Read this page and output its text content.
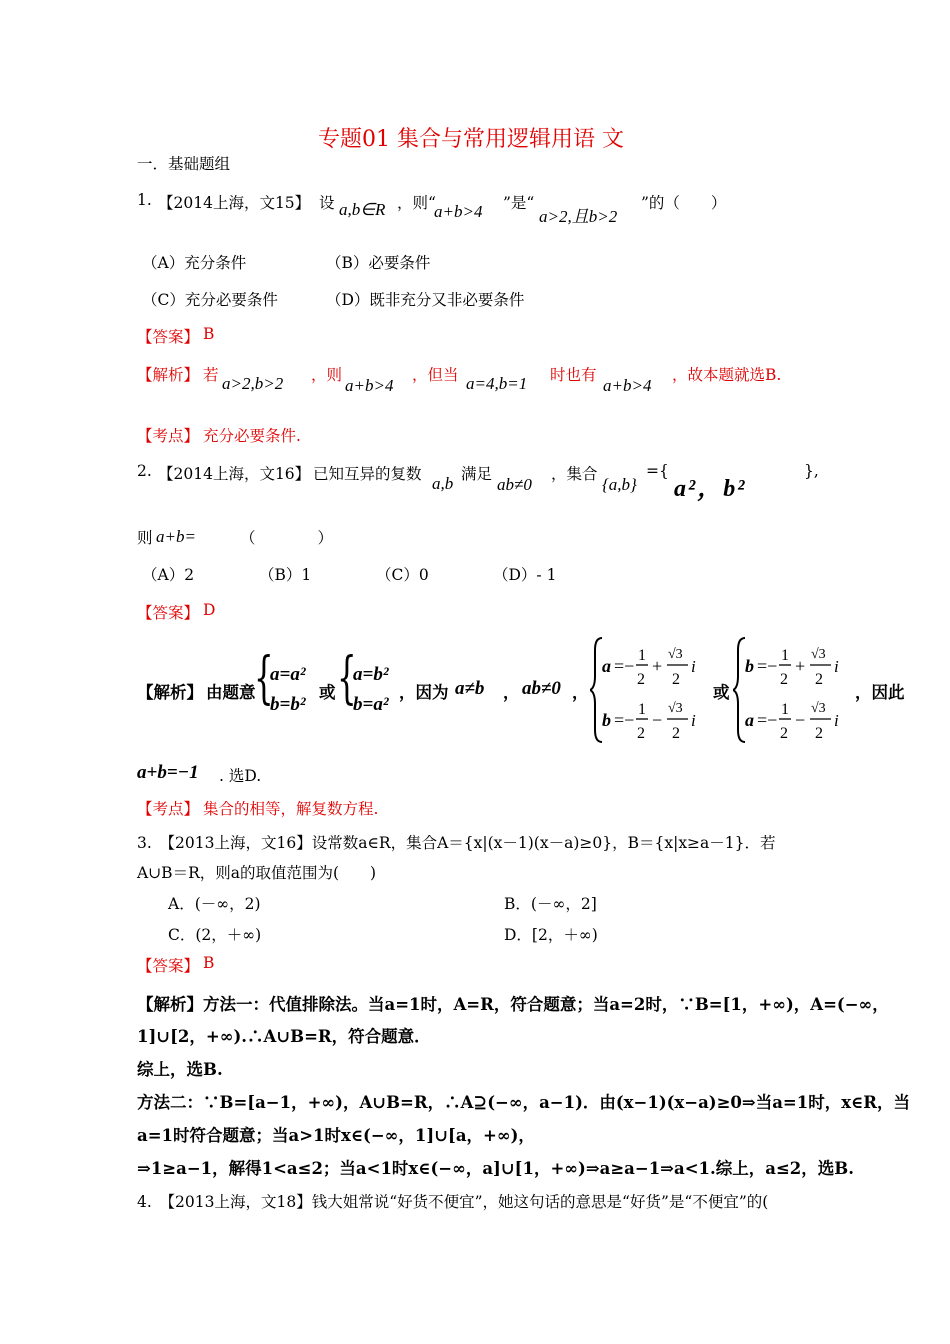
专题01 集合与常用逻辑用语 文
一．基础题组
1. 【2014上海，文15】 设 a,b∈R ，则“
a+b>4 ”是“
a>2,且b>2
”的（　　）
（A）充分条件	（B）必要条件
（C）充分必要条件	（D）既非充分又非必要条件
【答案】 B
【解析】 若 a>2,b>2 ，则
a+b>4
，但当 a=4,b=1 时也有
a+b>4
，故本题就选B.
【考点】 充分必要条件.
2. 【2014上海，文16】 已知互异的复数 a,b 满足
ab≠0
，集合
{a,b}
={
a²，b²
},
则 a+b=	（　　　　）
（A）2	（B）1	（C）0	（D）- 1
【答案】 D
【解析】 由题意
{
a=a²
b=b²
或 {
a=b²
b=a²
，因为 a≠b ， ab≠0 ，
a =−
1
2
+
√3
2
i
b =−
1
2
−
√3
2
i
或
b =−
1
2
+
√3
2
i
a =−
1
2
−
√3
2
i
，因此
a+b=−1 . 选D.
【考点】 集合的相等，解复数方程.
3.　【2013上海，文16】设常数a∈R，集合A＝{x|(x－1)(x－a)≥0}，B＝{x|x≥a－1}．若
A∪B＝R，则a的取值范围为(　　)
A．(－∞，2)	B．(－∞，2]
C．(2，＋∞)	D．[2，＋∞)
【答案】 B
【解析】方法一：代值排除法。当a=1时，A=R，符合题意；当a=2时，∵B=[1，+∞)，A=(−∞，
1]∪[2，+∞).∴A∪B=R，符合题意．
综上，选B.
方法二：∵B=[a−1，+∞)，A∪B=R，∴A⊇(−∞，a−1)．由(x−1)(x−a)≥0⇒当a=1时，x∈R，当
a=1时符合题意；当a>1时x∈(−∞，1]∪[a，+∞)，
⇒1≥a−1，解得1<a≤2；当a<1时x∈(−∞，a]∪[1，+∞)⇒a≥a−1⇒a<1.综上，a≤2，选B.
4.　【2013上海，文18】钱大姐常说“好货不便宜”，她这句话的意思是“好货”是“不便宜”的(
